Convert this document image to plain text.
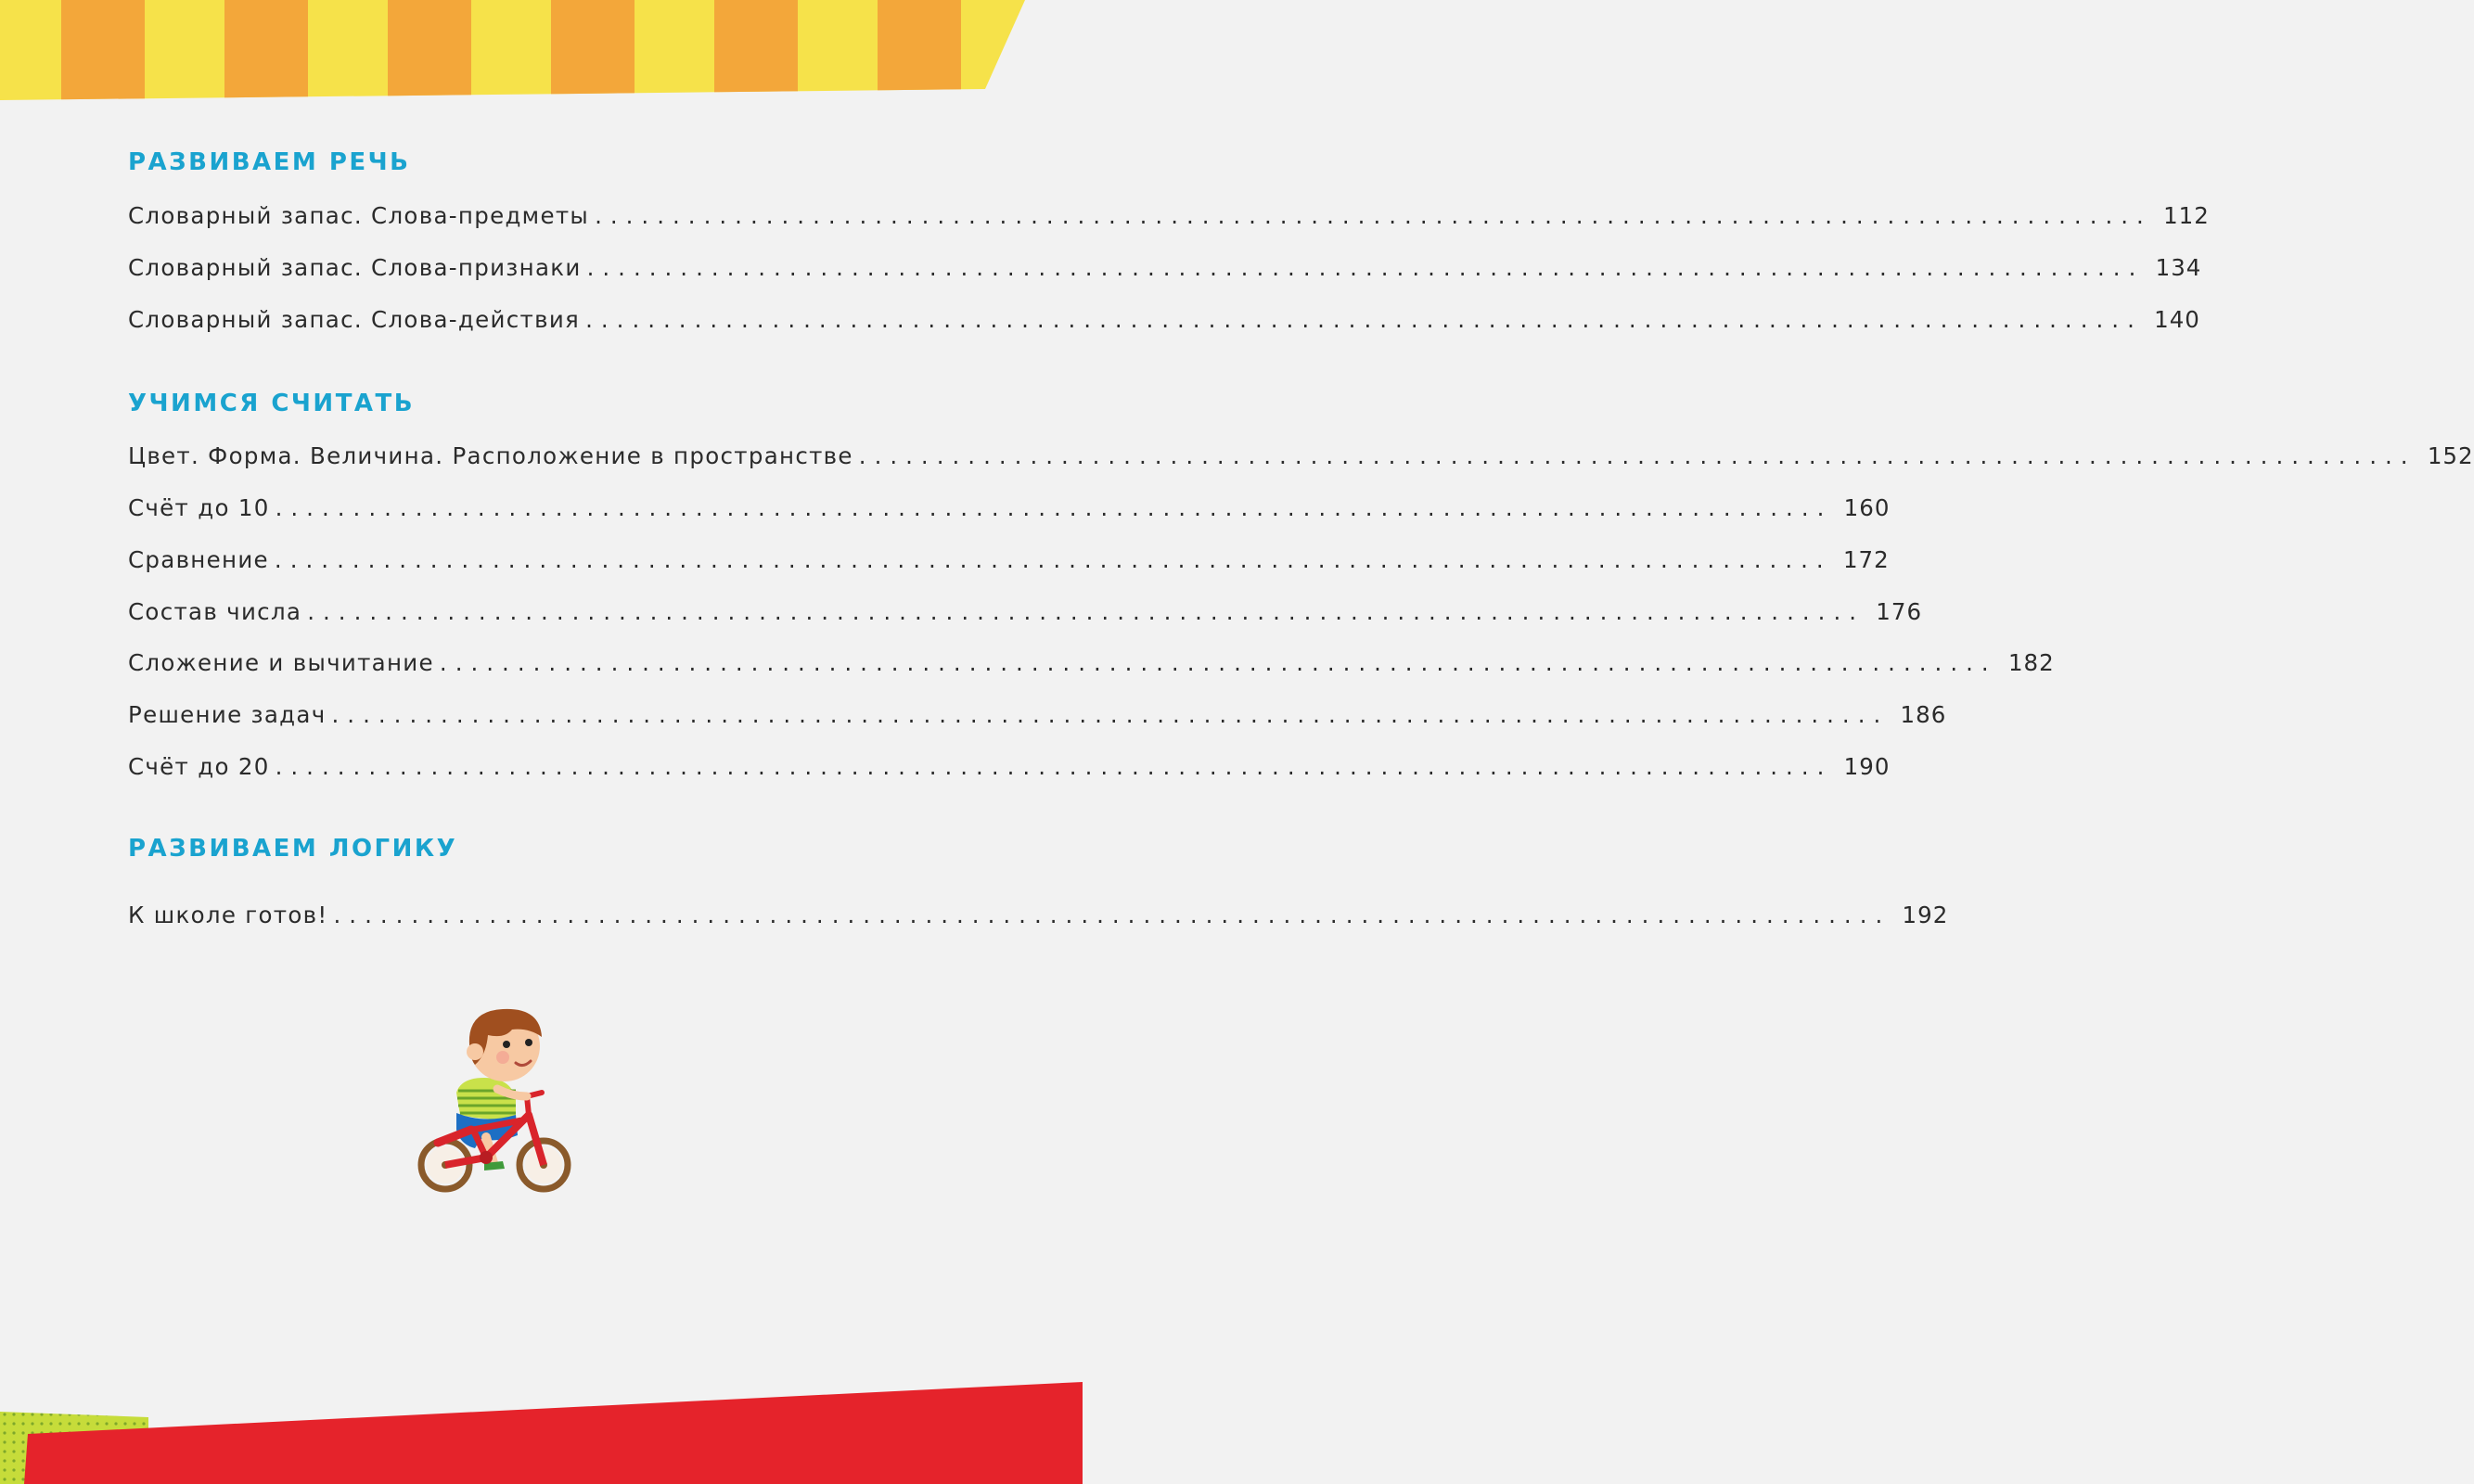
РАЗВИВАЕМ РЕЧЬ
Словарный запас. Слова-предметы .................................................................................................... 112
Словарный запас. Слова-признаки .................................................................................................... 134
Словарный запас. Слова-действия .................................................................................................... 140
УЧИМСЯ СЧИТАТЬ
Цвет. Форма. Величина. Расположение в пространстве .................................................................................................... 152
Счёт до 10 .................................................................................................... 160
Сравнение .................................................................................................... 172
Состав числа .................................................................................................... 176
Сложение и вычитание .................................................................................................... 182
Решение задач .................................................................................................... 186
Счёт до 20 .................................................................................................... 190
РАЗВИВАЕМ ЛОГИКУ
К школе готов! .................................................................................................... 192
